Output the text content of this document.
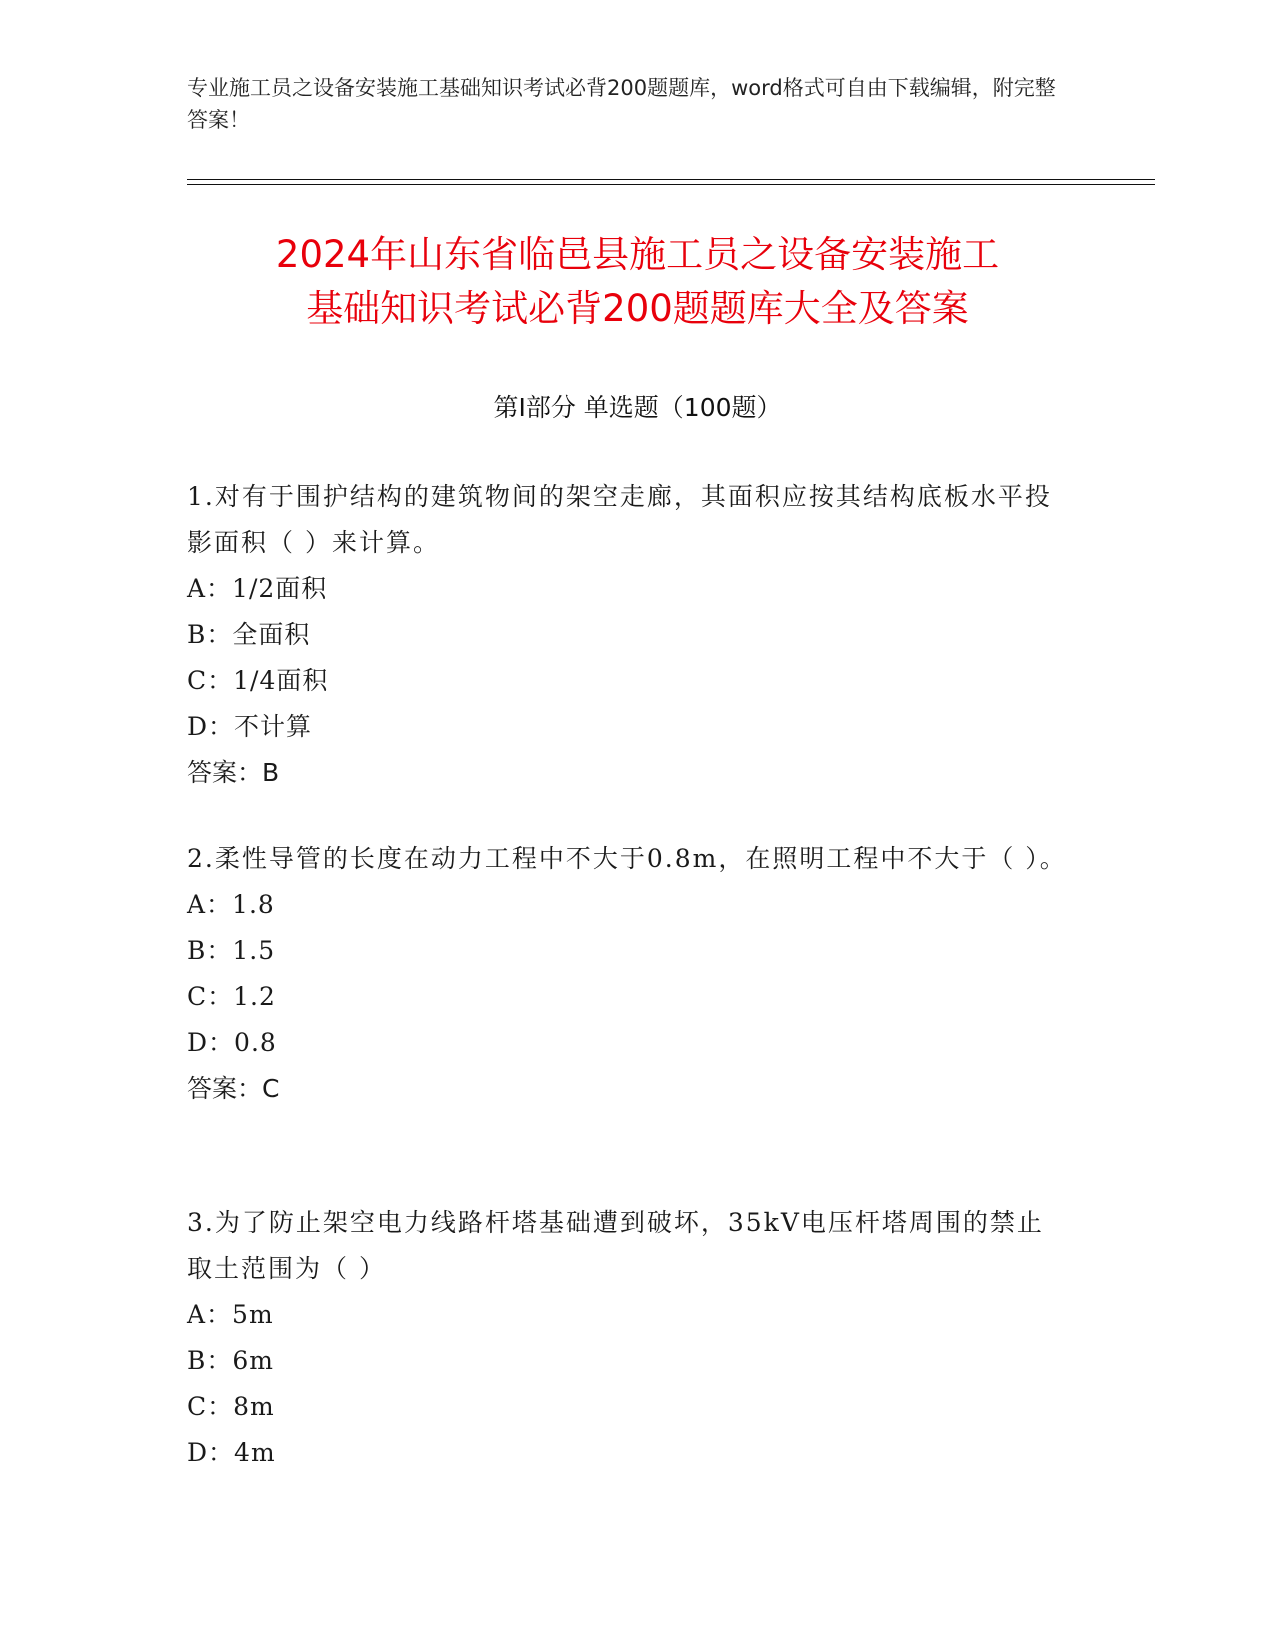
专业施工员之设备安装施工基础知识考试必背200题题库，word格式可自由下载编辑，附完整答案！
2024年山东省临邑县施工员之设备安装施工
基础知识考试必背200题题库大全及答案
第Ⅰ部分 单选题（100题）
1.对有于围护结构的建筑物间的架空走廊，其面积应按其结构底板水平投影面积（ ）来计算。
A：1/2面积
B：全面积
C：1/4面积
D：不计算
答案：B
2.柔性导管的长度在动力工程中不大于0.8m，在照明工程中不大于（ ）。
A：1.8
B：1.5
C：1.2
D：0.8
答案：C
3.为了防止架空电力线路杆塔基础遭到破坏，35kV电压杆塔周围的禁止取土范围为（ ）
A：5m
B：6m
C：8m
D：4m
